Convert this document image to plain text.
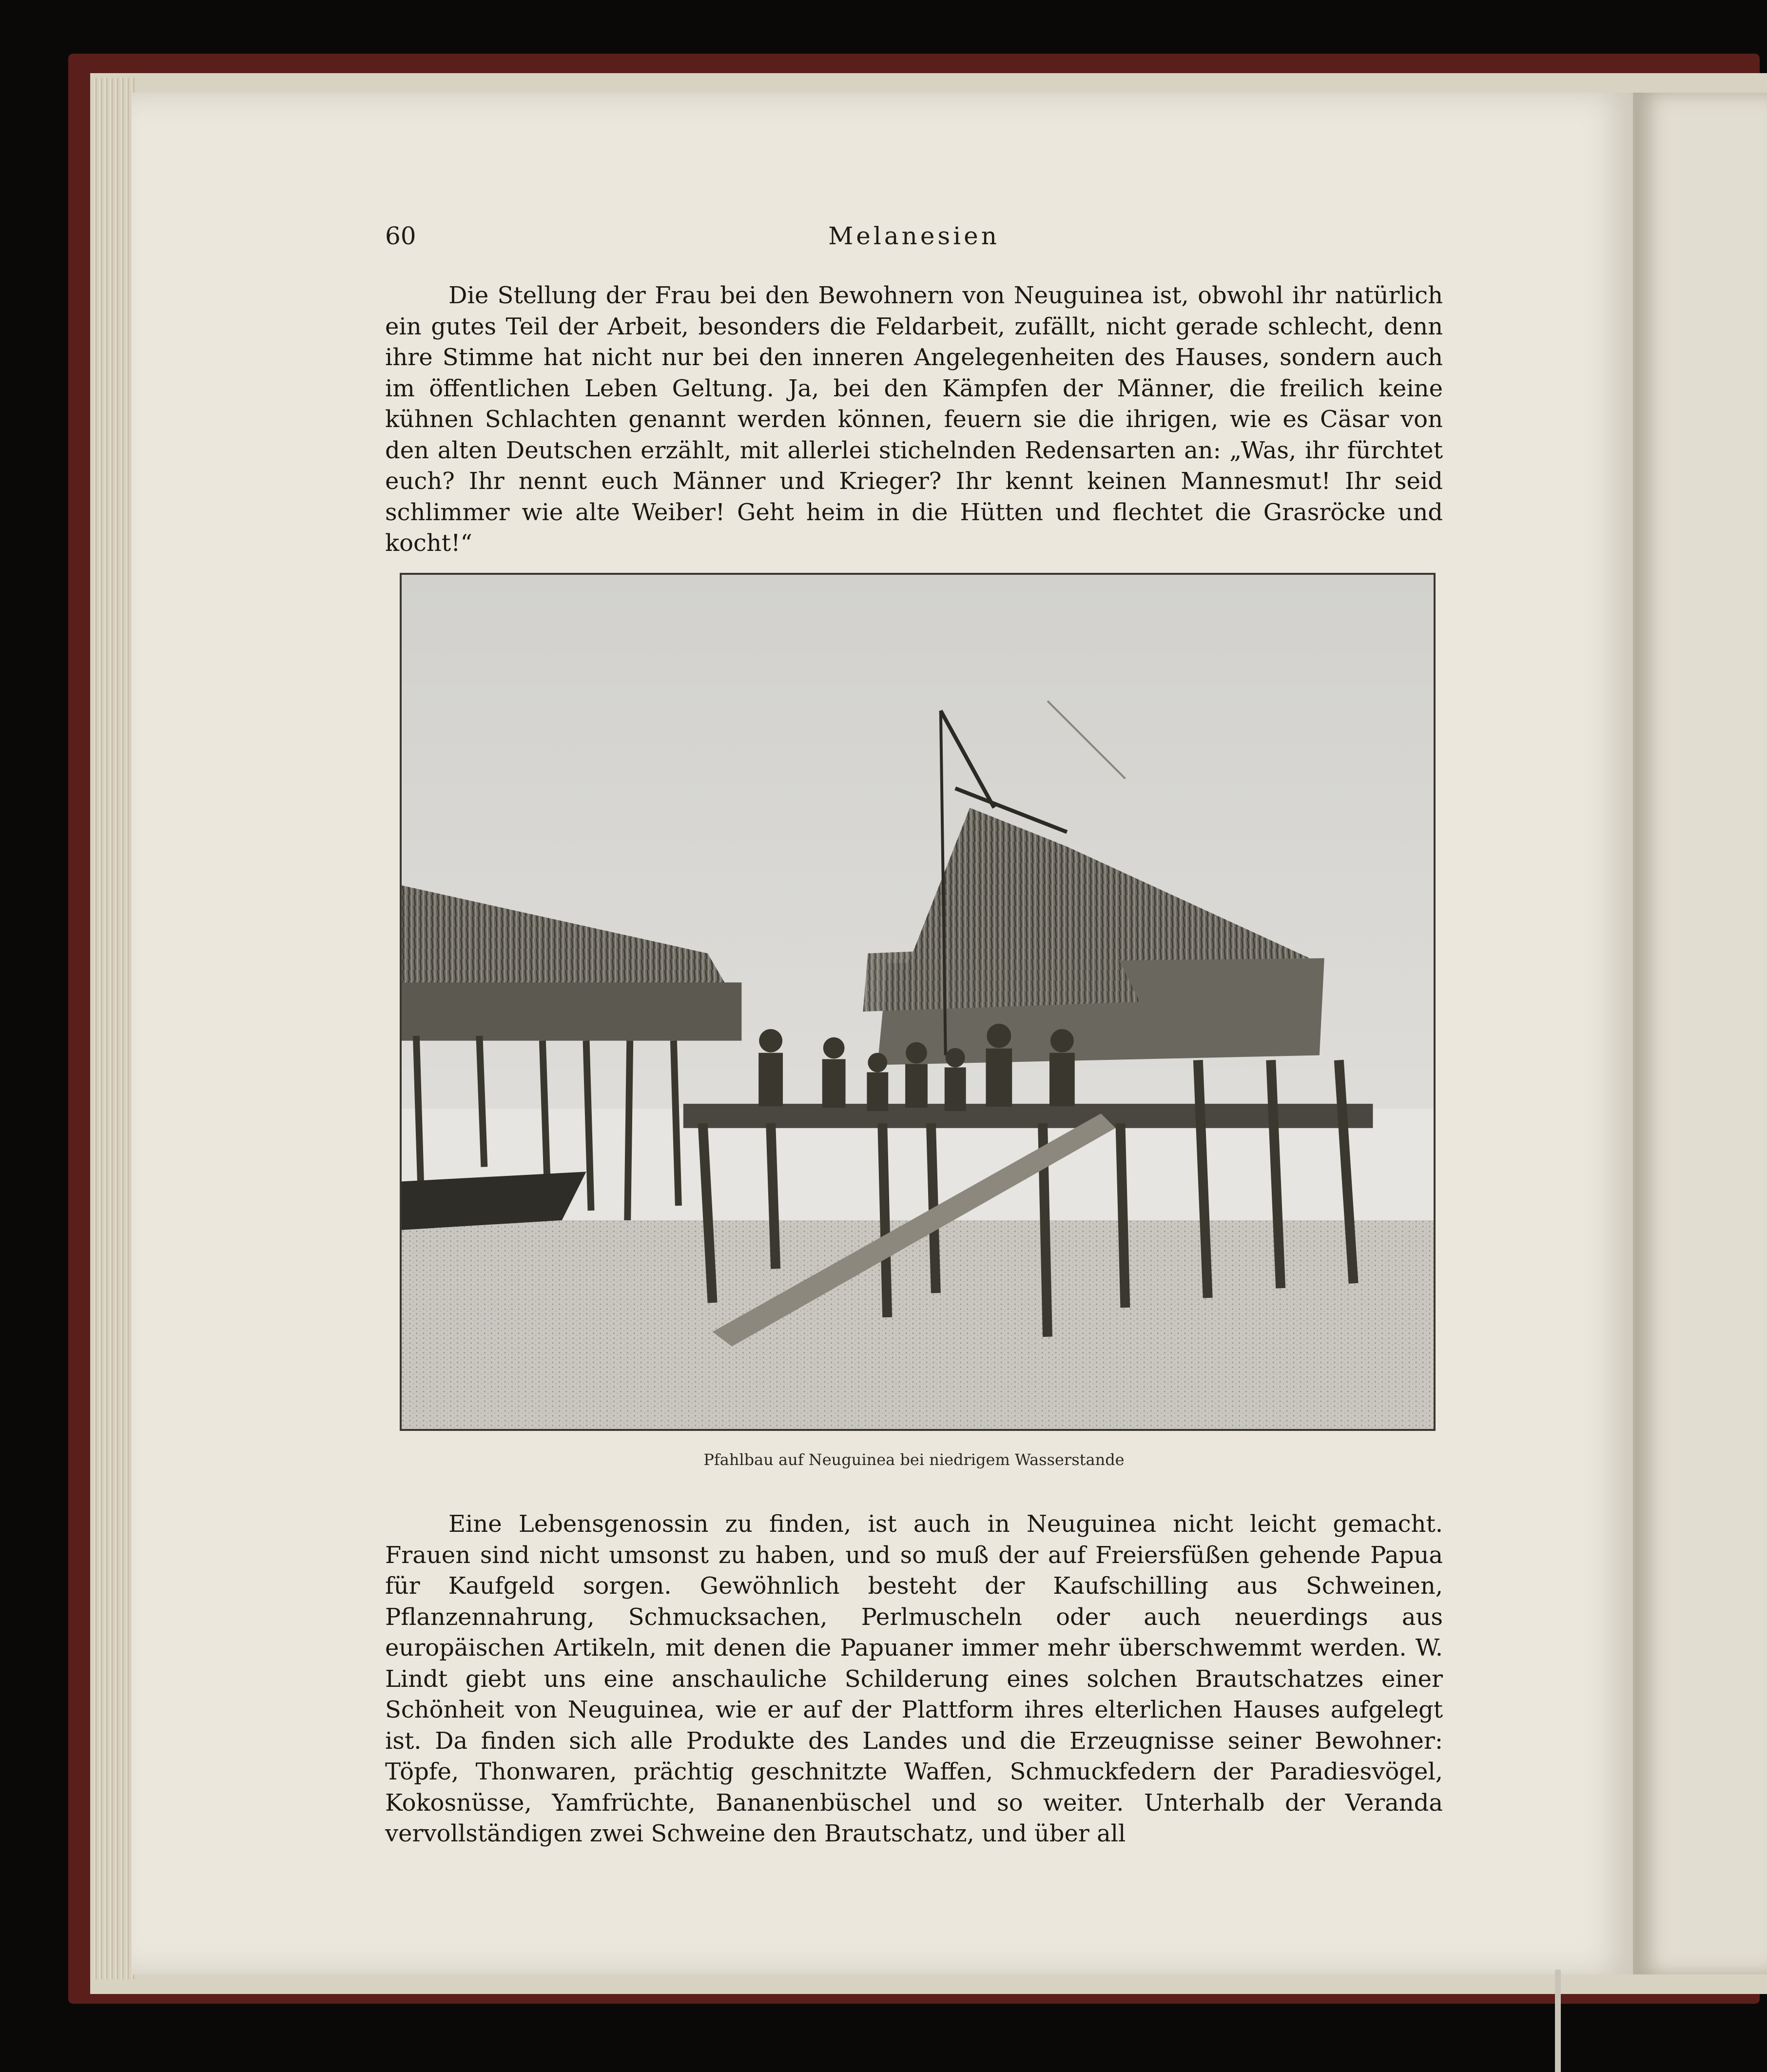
60	Melanesien

Die Stellung der Frau bei den Bewohnern von Neuguinea ist, obwohl ihr natürlich ein gutes Teil der Arbeit, besonders die Feldarbeit, zufällt, nicht gerade schlecht, denn ihre Stimme hat nicht nur bei den inneren Angelegenheiten des Hauses, sondern auch im öffentlichen Leben Geltung. Ja, bei den Kämpfen der Männer, die freilich keine kühnen Schlachten genannt werden können, feuern sie die ihrigen, wie es Cäsar von den alten Deutschen erzählt, mit allerlei stichelnden Redensarten an: „Was, ihr fürchtet euch? Ihr nennt euch Männer und Krieger? Ihr kennt keinen Mannesmut! Ihr seid schlimmer wie alte Weiber! Geht heim in die Hütten und flechtet die Grasröcke und kocht!“

Pfahlbau auf Neuguinea bei niedrigem Wasserstande

Eine Lebensgenossin zu finden, ist auch in Neuguinea nicht leicht gemacht. Frauen sind nicht umsonst zu haben, und so muß der auf Freiersfüßen gehende Papua für Kaufgeld sorgen. Gewöhnlich besteht der Kaufschilling aus Schweinen, Pflanzennahrung, Schmucksachen, Perlmuscheln oder auch neuerdings aus europäischen Artikeln, mit denen die Papuaner immer mehr überschwemmt werden. W. Lindt giebt uns eine anschauliche Schilderung eines solchen Brautschatzes einer Schönheit von Neuguinea, wie er auf der Plattform ihres elterlichen Hauses aufgelegt ist. Da finden sich alle Produkte des Landes und die Erzeugnisse seiner Bewohner: Töpfe, Thonwaren, prächtig geschnitzte Waffen, Schmuckfedern der Paradiesvögel, Kokosnüsse, Yamfrüchte, Bananenbüschel und so weiter. Unterhalb der Veranda vervollständigen zwei Schweine den Brautschatz, und über all
